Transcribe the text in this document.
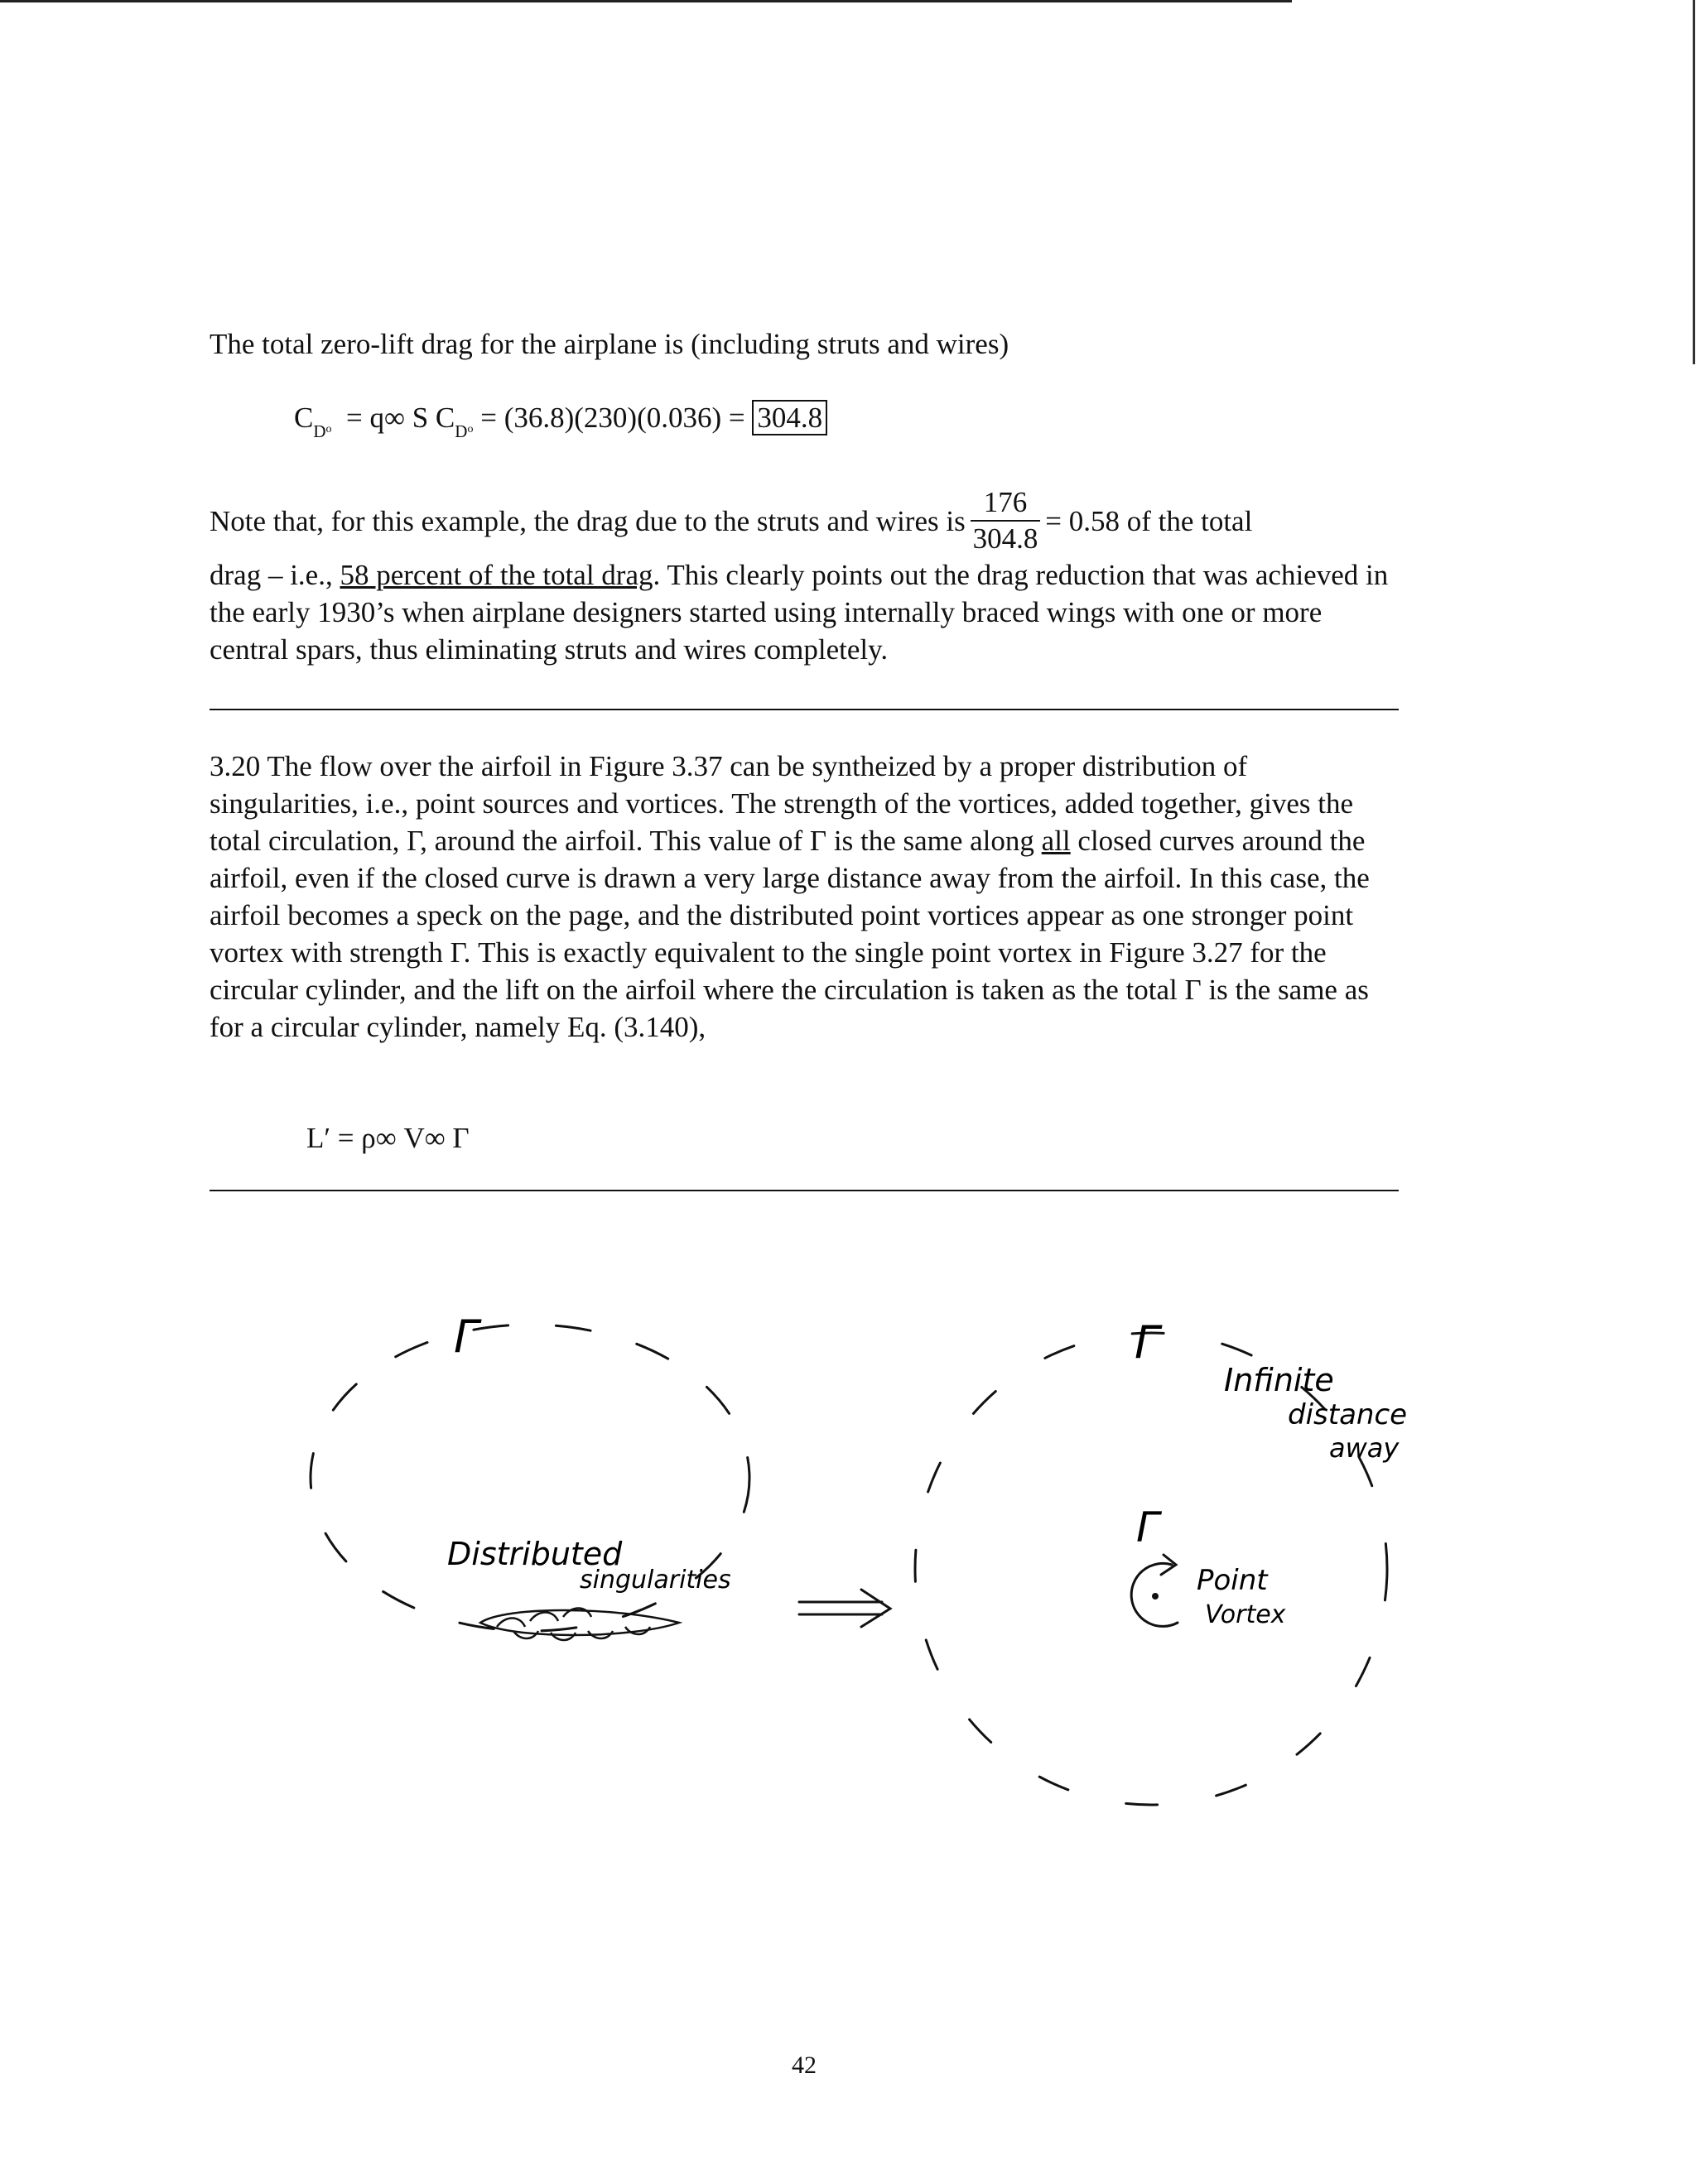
The total zero-lift drag for the airplane is (including struts and wires)
$C_Do = q\infty$ S $C_Do = (36.8)(230)(0.036) = 304.8$
Note that, for this example, the drag due to the struts and wires is $\frac{176}{304.8} = 0.58$ of the total
drag – i.e., 58 percent of the total drag. This clearly points out the drag reduction that was achieved in the early 1930’s when airplane designers started using internally braced wings with one or more central spars, thus eliminating struts and wires completely.
3.20 The flow over the airfoil in Figure 3.37 can be syntheized by a proper distribution of singularities, i.e., point sources and vortices. The strength of the vortices, added together, gives the total circulation, Γ, around the airfoil. This value of Γ is the same along all closed curves around the airfoil, even if the closed curve is drawn a very large distance away from the airfoil. In this case, the airfoil becomes a speck on the page, and the distributed point vortices appear as one stronger point vortex with strength Γ. This is exactly equivalent to the single point vortex in Figure 3.27 for the circular cylinder, and the lift on the airfoil where the circulation is taken as the total Γ is the same as for a circular cylinder, namely Eq. (3.140),
L′ = ρ∞ V∞ Γ
Γ
Distributed
singularities
Γ
Infinite
distance
away
Γ
Point
Vortex
42
